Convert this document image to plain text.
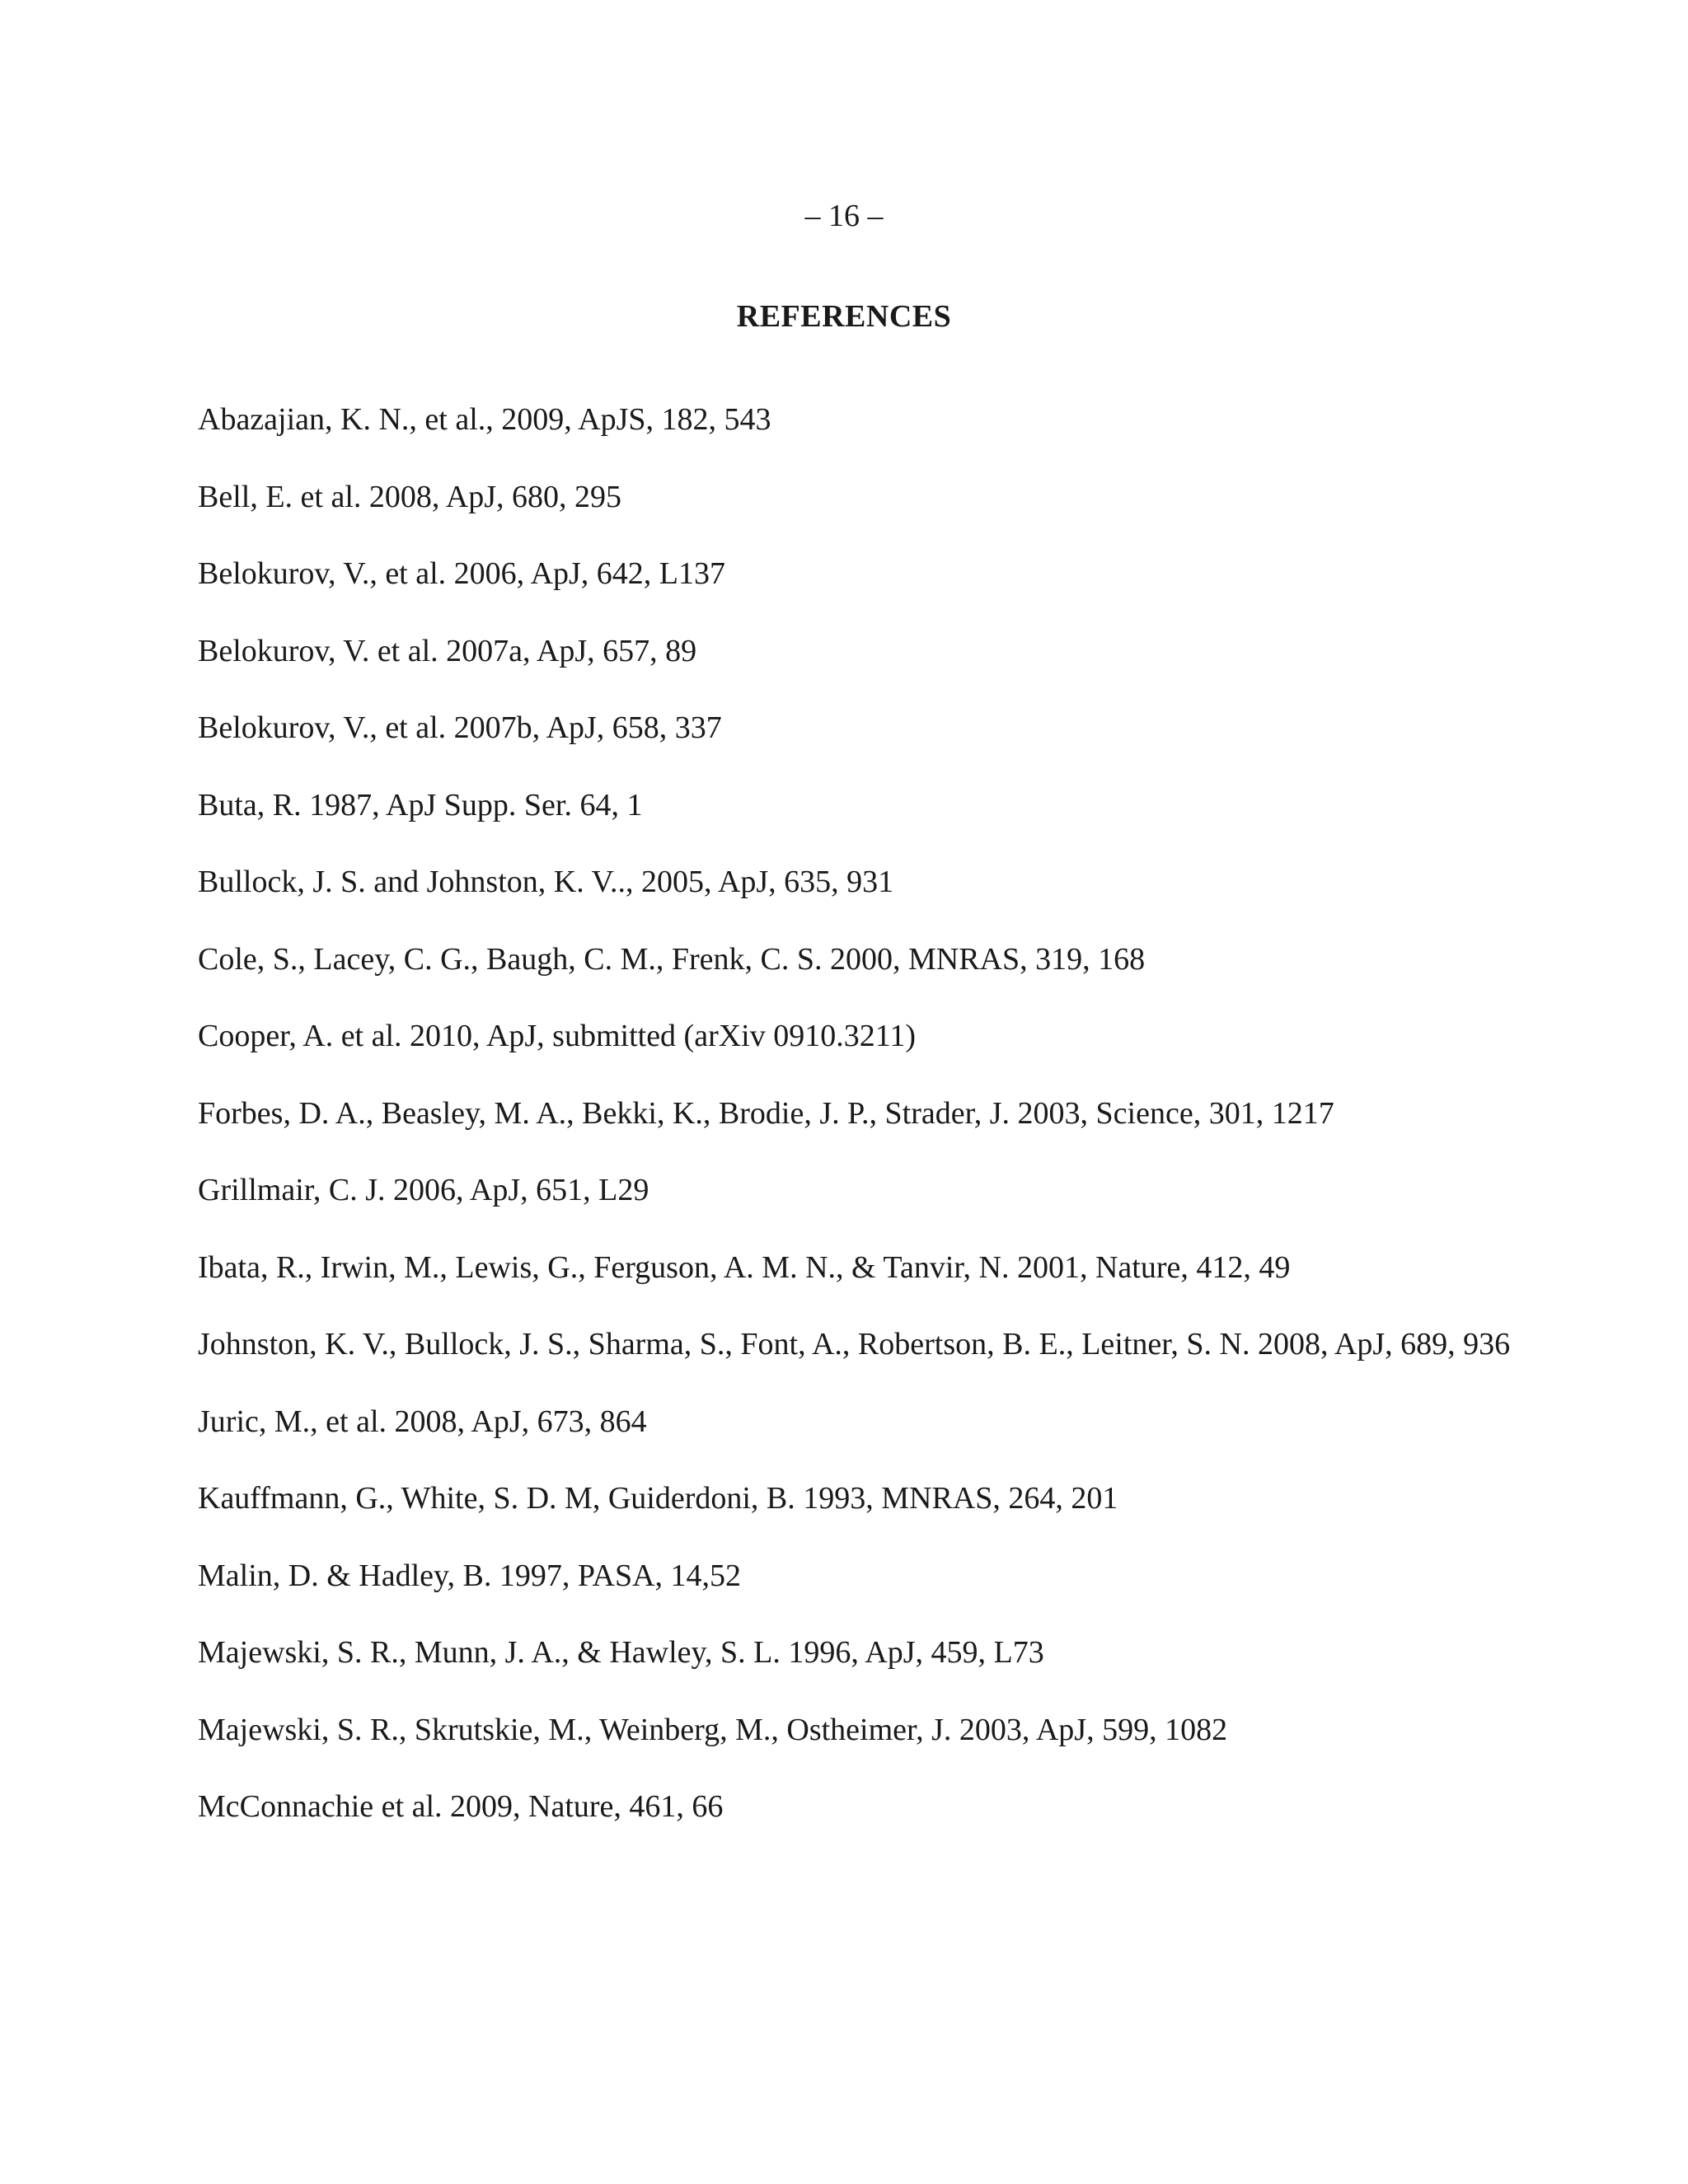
– 16 –
REFERENCES
Abazajian, K. N., et al., 2009, ApJS, 182, 543
Bell, E. et al. 2008, ApJ, 680, 295
Belokurov, V., et al. 2006, ApJ, 642, L137
Belokurov, V. et al. 2007a, ApJ, 657, 89
Belokurov, V., et al. 2007b, ApJ, 658, 337
Buta, R. 1987, ApJ Supp. Ser. 64, 1
Bullock, J. S. and Johnston, K. V.., 2005, ApJ, 635, 931
Cole, S., Lacey, C. G., Baugh, C. M., Frenk, C. S. 2000, MNRAS, 319, 168
Cooper, A. et al. 2010, ApJ, submitted (arXiv 0910.3211)
Forbes, D. A., Beasley, M. A., Bekki, K., Brodie, J. P., Strader, J. 2003, Science, 301, 1217
Grillmair, C. J. 2006, ApJ, 651, L29
Ibata, R., Irwin, M., Lewis, G., Ferguson, A. M. N., & Tanvir, N. 2001, Nature, 412, 49
Johnston, K. V., Bullock, J. S., Sharma, S., Font, A., Robertson, B. E., Leitner, S. N. 2008, ApJ, 689, 936
Juric, M., et al. 2008, ApJ, 673, 864
Kauffmann, G., White, S. D. M, Guiderdoni, B. 1993, MNRAS, 264, 201
Malin, D. & Hadley, B. 1997, PASA, 14,52
Majewski, S. R., Munn, J. A., & Hawley, S. L. 1996, ApJ, 459, L73
Majewski, S. R., Skrutskie, M., Weinberg, M., Ostheimer, J. 2003, ApJ, 599, 1082
McConnachie et al. 2009, Nature, 461, 66
